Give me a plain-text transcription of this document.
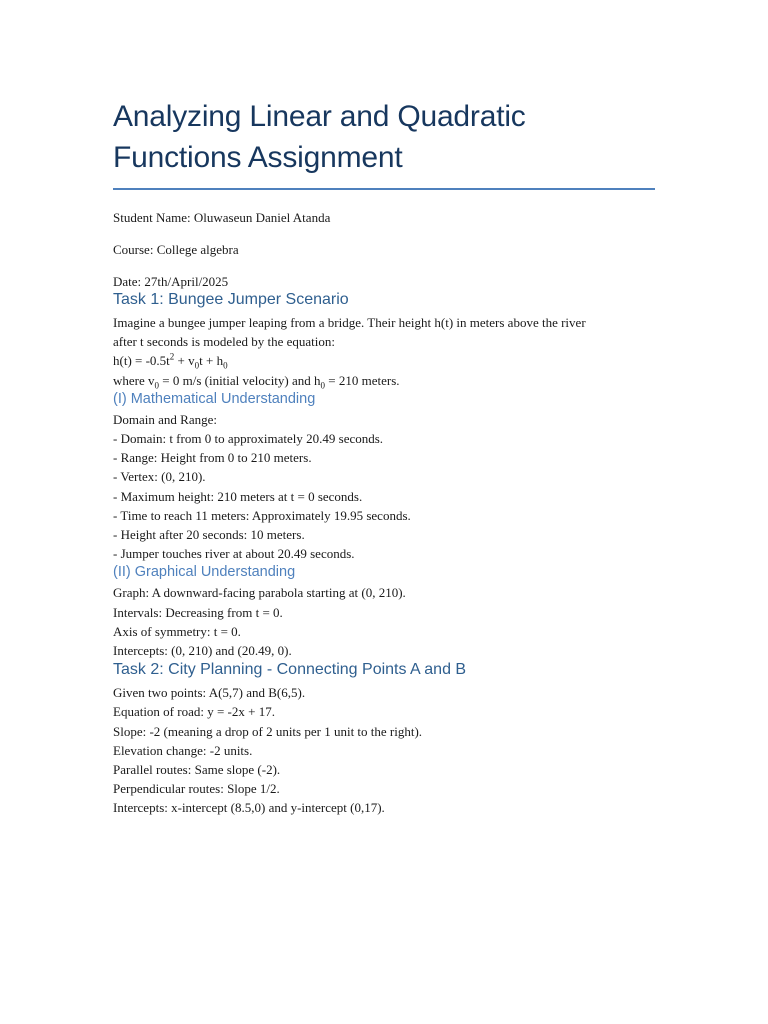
Analyzing Linear and Quadratic
Functions Assignment

Student Name: Oluwaseun Daniel Atanda

Course: College algebra

Date: 27th/April/2025

Task 1: Bungee Jumper Scenario
Imagine a bungee jumper leaping from a bridge. Their height h(t) in meters above the river
after t seconds is modeled by the equation:
$h(t) = -0.5t^2 + v_0t + h_0$
where $v_0 = 0$ m/s (initial velocity) and $h_0 = 210$ meters.
(I) Mathematical Understanding
Domain and Range:
- Domain: t from 0 to approximately 20.49 seconds.
- Range: Height from 0 to 210 meters.
- Vertex: (0, 210).
- Maximum height: 210 meters at t = 0 seconds.
- Time to reach 11 meters: Approximately 19.95 seconds.
- Height after 20 seconds: 10 meters.
- Jumper touches river at about 20.49 seconds.
(II) Graphical Understanding
Graph: A downward-facing parabola starting at (0, 210).
Intervals: Decreasing from t = 0.
Axis of symmetry: t = 0.
Intercepts: (0, 210) and (20.49, 0).
Task 2: City Planning - Connecting Points A and B
Given two points: A(5,7) and B(6,5).
Equation of road: y = -2x + 17.
Slope: -2 (meaning a drop of 2 units per 1 unit to the right).
Elevation change: -2 units.
Parallel routes: Same slope (-2).
Perpendicular routes: Slope 1/2.
Intercepts: x-intercept (8.5,0) and y-intercept (0,17).
